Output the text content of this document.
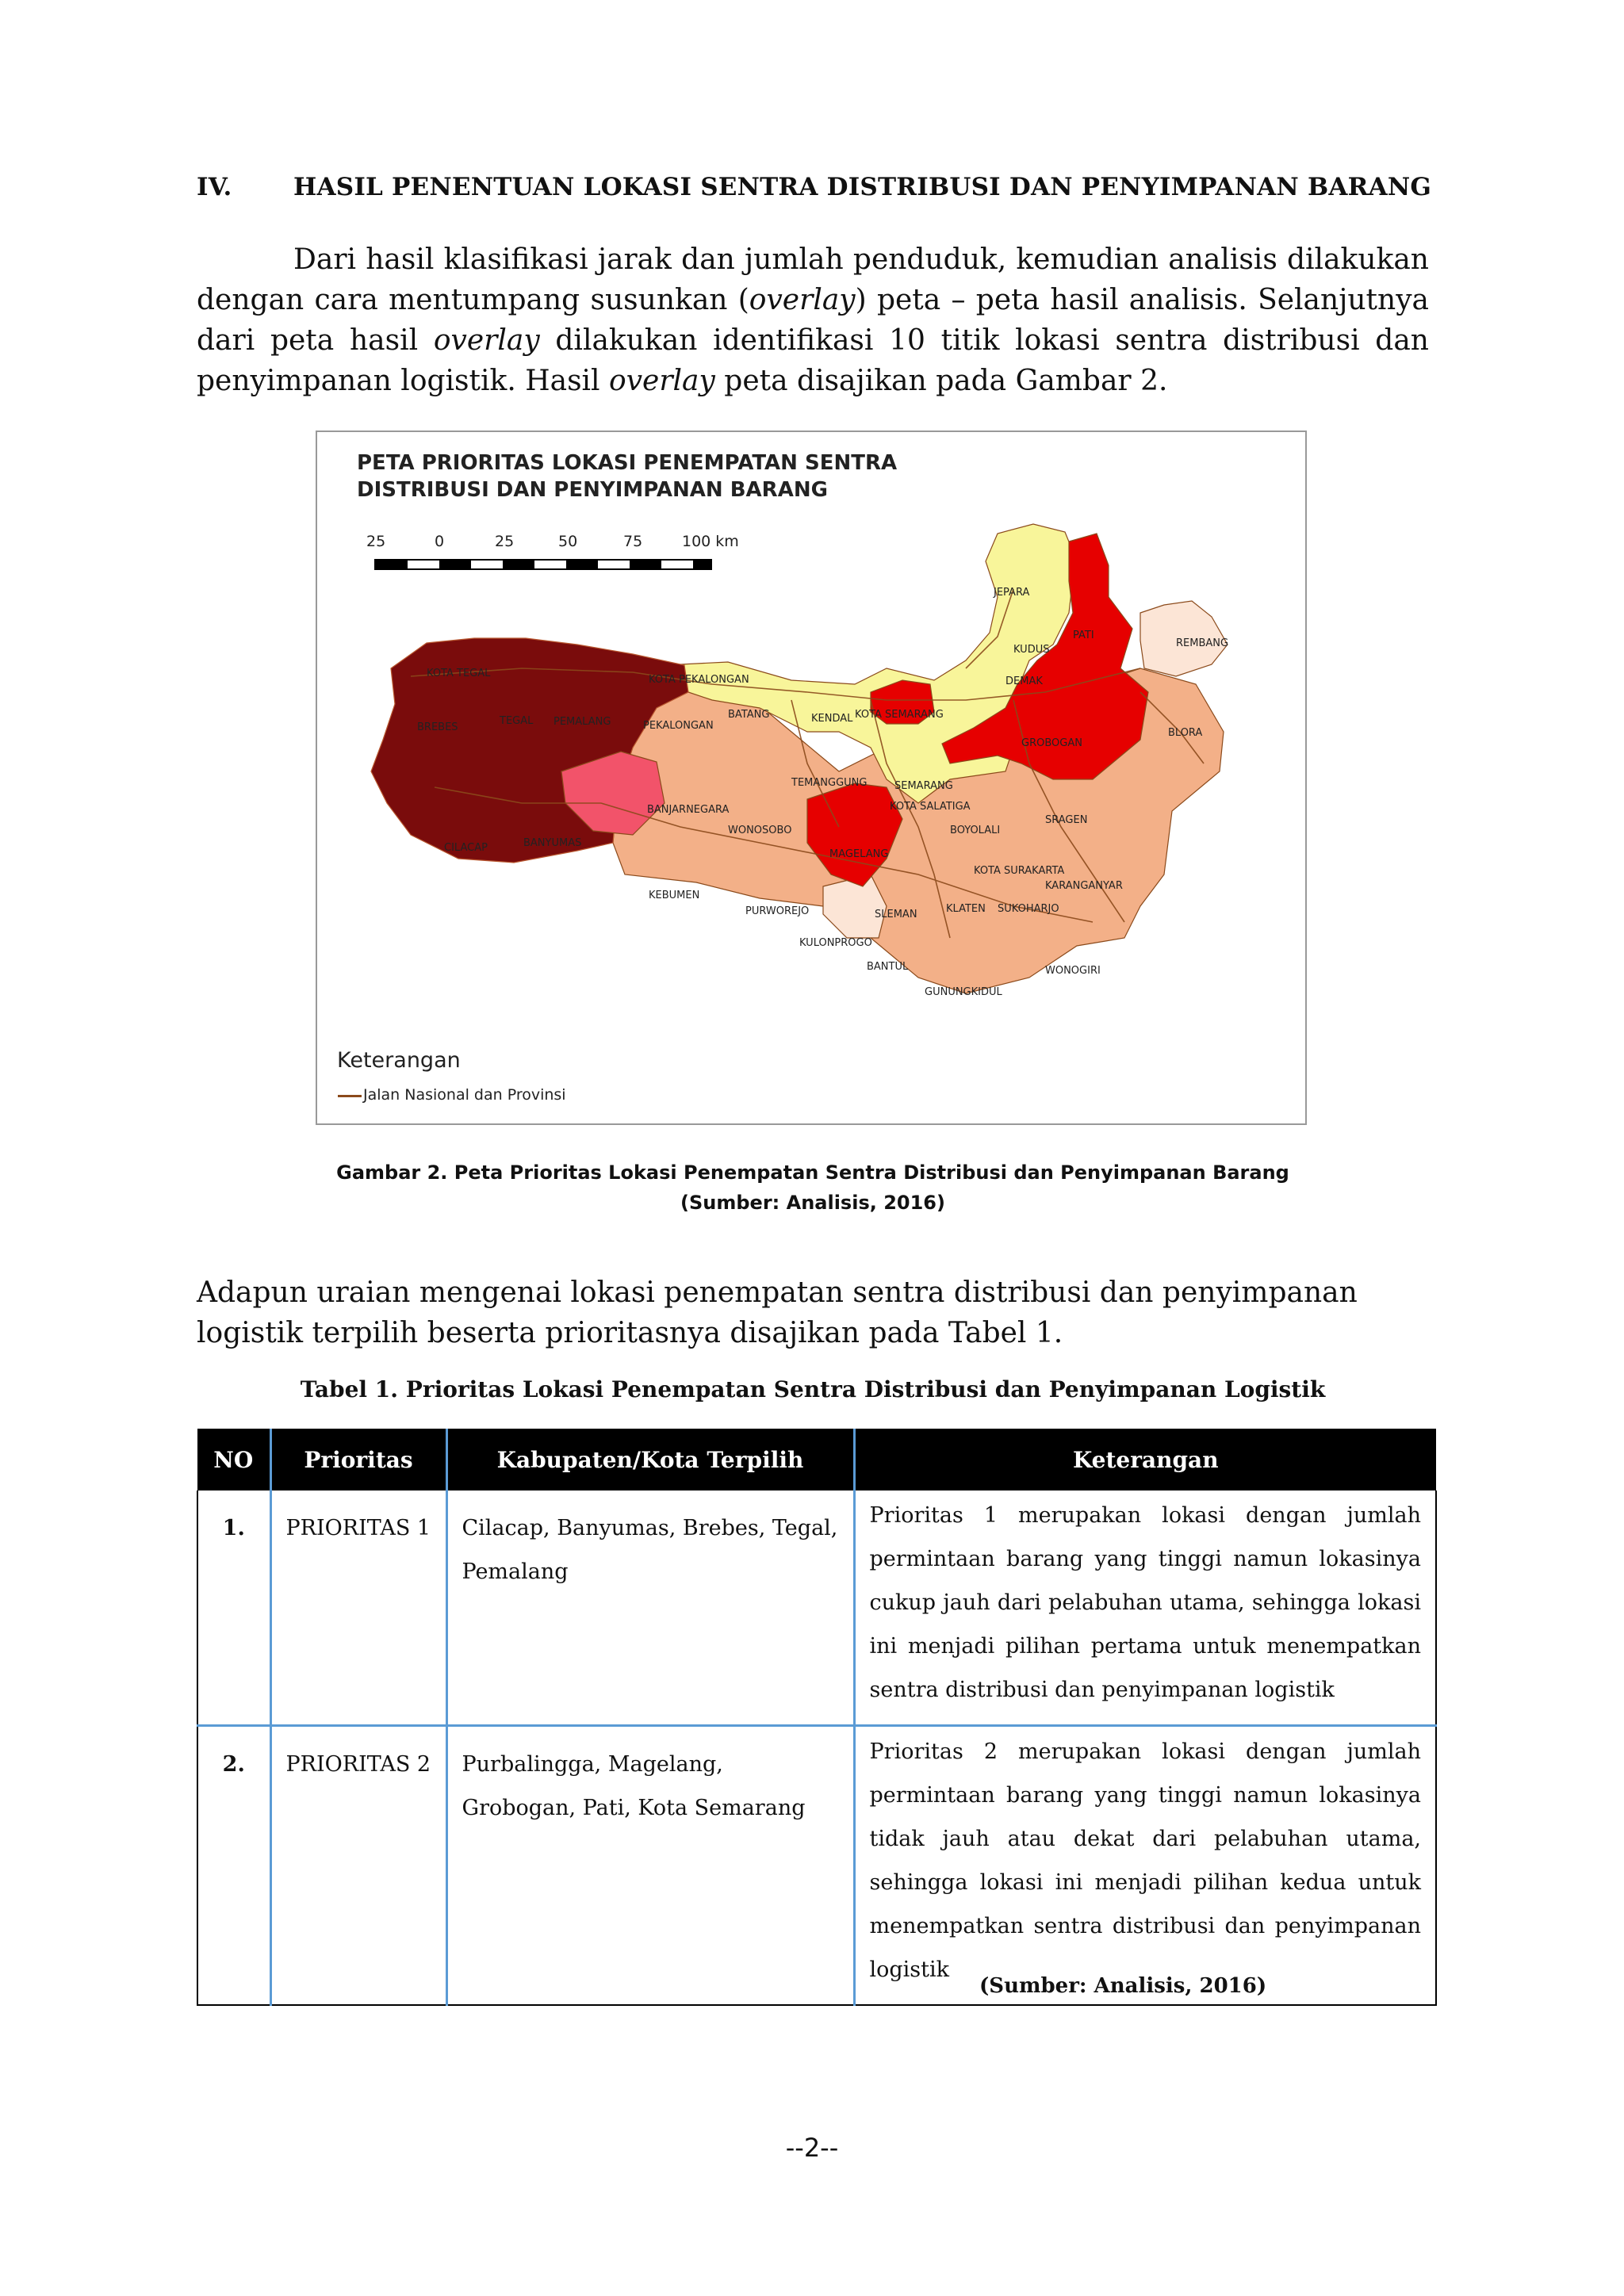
IV. HASIL PENENTUAN LOKASI SENTRA DISTRIBUSI DAN PENYIMPANAN BARANG
Dari hasil klasifikasi jarak dan jumlah penduduk, kemudian analisis dilakukan dengan cara mentumpang susunkan (overlay) peta – peta hasil analisis. Selanjutnya dari peta hasil overlay dilakukan identifikasi 10 titik lokasi sentra distribusi dan penyimpanan logistik. Hasil overlay peta disajikan pada Gambar 2.
PETA PRIORITAS LOKASI PENEMPATAN SENTRA
DISTRIBUSI DAN PENYIMPANAN BARANG
25	0	25	50	75	100 km
JEPARA
PATI
KUDUS
REMBANG
DEMAK
KOTA TEGAL
KOTA PEKALONGAN
BATANG	KENDAL KOTA SEMARANG
BREBES
TEGAL PEMALANG	PEKALONGAN
GROBOGAN
BLORA
TEMANGGUNG	SEMARANG
BANJARNEGARA	KOTA SALATIGA
WONOSOBO	BOYOLALI
SRAGEN
CILACAP	BANYUMAS
MAGELANG
KOTA SURAKARTA
KARANGANYAR
KEBUMEN
PURWOREJO	SLEMAN	KLATEN SUKOHARJO
KULONPROGO
BANTUL	WONOGIRI
GUNUNGKIDUL
Keterangan
Jalan Nasional dan Provinsi
Gambar 2. Peta Prioritas Lokasi Penempatan Sentra Distribusi dan Penyimpanan Barang
(Sumber: Analisis, 2016)
Adapun uraian mengenai lokasi penempatan sentra distribusi dan penyimpanan logistik terpilih beserta prioritasnya disajikan pada Tabel 1.
Tabel 1. Prioritas Lokasi Penempatan Sentra Distribusi dan Penyimpanan Logistik
NO	Prioritas	Kabupaten/Kota Terpilih	Keterangan
1.	PRIORITAS 1	Cilacap, Banyumas, Brebes, Tegal, Pemalang	Prioritas 1 merupakan lokasi dengan jumlah permintaan barang yang tinggi namun lokasinya cukup jauh dari pelabuhan utama, sehingga lokasi ini menjadi pilihan pertama untuk menempatkan sentra distribusi dan penyimpanan logistik
2.	PRIORITAS 2	Purbalingga, Magelang, Grobogan, Pati, Kota Semarang	Prioritas 2 merupakan lokasi dengan jumlah permintaan barang yang tinggi namun lokasinya tidak jauh atau dekat dari pelabuhan utama, sehingga lokasi ini menjadi pilihan kedua untuk menempatkan sentra distribusi dan penyimpanan logistik
(Sumber: Analisis, 2016)
--2--
